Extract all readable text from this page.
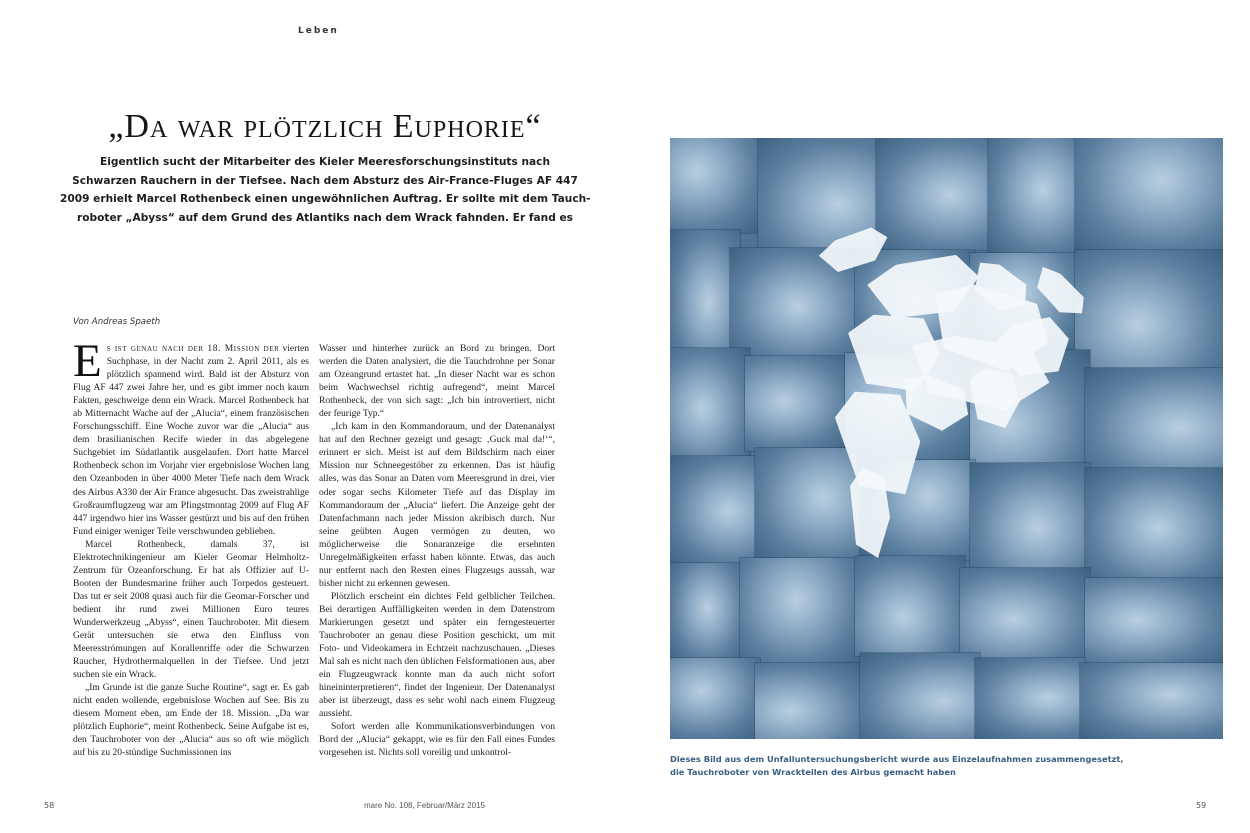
Leben
„Da war plötzlich Euphorie“
Eigentlich sucht der Mitarbeiter des Kieler Meeresforschungsinstituts nach
Schwarzen Rauchern in der Tiefsee. Nach dem Absturz des Air-France-Fluges AF 447
2009 erhielt Marcel Rothenbeck einen ungewöhnlichen Auftrag. Er sollte mit dem Tauch-
roboter „Abyss“ auf dem Grund des Atlantiks nach dem Wrack fahnden. Er fand es
Von Andreas Spaeth

Es ist genau nach der 18. Mission der vierten Suchphase, in der Nacht zum 2. April 2011, als es plötzlich spannend wird. Bald ist der Absturz von Flug AF 447 zwei Jahre her, und es gibt immer noch kaum Fakten, geschweige denn ein Wrack. Marcel Rothenbeck hat ab Mitternacht Wache auf der „Alucia“, einem französischen Forschungsschiff. Eine Woche zuvor war die „Alucia“ aus dem brasilianischen Recife wieder in das abgelegene Suchgebiet im Südatlantik ausgelaufen. Dort hatte Marcel Rothenbeck schon im Vorjahr vier ergebnislose Wochen lang den Ozeanboden in über 4000 Meter Tiefe nach dem Wrack des Airbus A330 der Air France abgesucht. Das zweistrahlige Großraumflugzeug war am Pfingstmontag 2009 auf Flug AF 447 irgendwo hier ins Wasser gestürzt und bis auf den frühen Fund einiger weniger Teile verschwunden geblieben.

Marcel Rothenbeck, damals 37, ist Elektrotechnikingenieur am Kieler Geomar Helmholtz-Zentrum für Ozeanforschung. Er hat als Offizier auf U-Booten der Bundesmarine früher auch Torpedos gesteuert. Das tut er seit 2008 quasi auch für die Geomar-Forscher und bedient ihr rund zwei Millionen Euro teures Wunderwerkzeug „Abyss“, einen Tauchroboter. Mit diesem Gerät untersuchen sie etwa den Einfluss von Meeresströmungen auf Korallenriffe oder die Schwarzen Raucher, Hydrothermalquellen in der Tiefsee. Und jetzt suchen sie ein Wrack.

„Im Grunde ist die ganze Suche Routine“, sagt er. Es gab nicht enden wollende, ergebnislose Wochen auf See. Bis zu diesem Moment eben, am Ende der 18. Mission. „Da war plötzlich Euphorie“, meint Rothenbeck. Seine Aufgabe ist es, den Tauchroboter von der „Alucia“ aus so oft wie möglich auf bis zu 20-stündige Suchmissionen ins

Wasser und hinterher zurück an Bord zu bringen. Dort werden die Daten analysiert, die die Tauchdrohne per Sonar am Ozeangrund ertastet hat. „In dieser Nacht war es schon beim Wachwechsel richtig aufregend“, meint Marcel Rothenbeck, der von sich sagt: „Ich bin introvertiert, nicht der feurige Typ.“

„Ich kam in den Kommandoraum, und der Datenanalyst hat auf den Rechner gezeigt und gesagt: ‚Guck mal da!‘“, erinnert er sich. Meist ist auf dem Bildschirm nach einer Mission nur Schneegestöber zu erkennen. Das ist häufig alles, was das Sonar an Daten vom Meeresgrund in drei, vier oder sogar sechs Kilometer Tiefe auf das Display im Kommandoraum der „Alucia“ liefert. Die Anzeige geht der Datenfachmann nach jeder Mission akribisch durch. Nur seine geübten Augen vermögen zu deuten, wo möglicherweise die Sonaranzeige die ersehnten Unregelmäßigkeiten erfasst haben könnte. Etwas, das auch nur entfernt nach den Resten eines Flugzeugs aussah, war bisher nicht zu erkennen gewesen.

Plötzlich erscheint ein dichtes Feld gelblicher Teilchen. Bei derartigen Auffälligkeiten werden in dem Datenstrom Markierungen gesetzt und später ein ferngesteuerter Tauchroboter an genau diese Position geschickt, um mit Foto- und Videokamera in Echtzeit nachzuschauen. „Dieses Mal sah es nicht nach den üblichen Felsformationen aus, aber ein Flugzeugwrack konnte man da auch nicht sofort hineininterpretieren“, findet der Ingenieur. Der Datenanalyst aber ist überzeugt, dass es sehr wohl nach einem Flugzeug aussieht.

Sofort werden alle Kommunikationsverbindungen von Bord der „Alucia“ gekappt, wie es für den Fall eines Fundes vorgesehen ist. Nichts soll voreilig und unkontrol-

Dieses Bild aus dem Unfalluntersuchungsbericht wurde aus Einzelaufnahmen zusammengesetzt,
die Tauchroboter von Wrackteilen des Airbus gemacht haben
58	mare No. 108, Februar/März 2015	59
